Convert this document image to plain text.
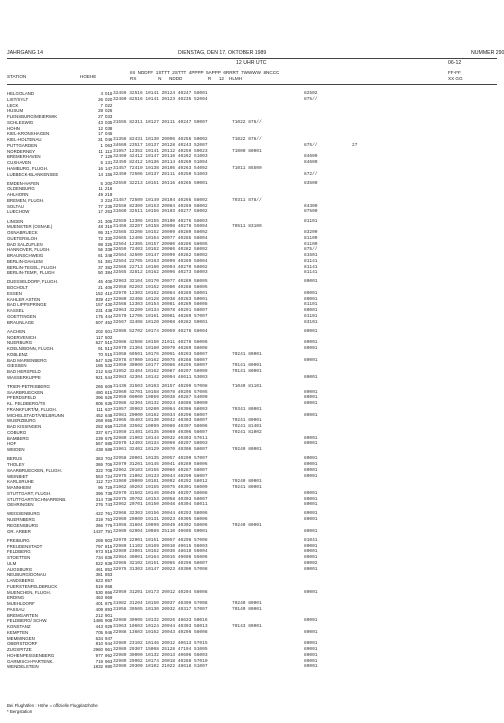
JAHRGANG 14	DIENSTAG, DEN 17. OKTOBER 1989	NUMMER 290
12 UHR UTC	06-12
STATION	HOEHE
IIII  NDDFF  1STTT  2STTT  4PPPP  5APPP  6RRRT  7WWWW  8NCCC
RX                 N      NDDD                    R      12    HLMH
FF-FF
XX GG
HELGOLAND	4 015 32459 32516 10141 20124 40247 58001	82502
LIST/SYLT	26 020 32460 82516 10141 20123 40235 52004	875//
LECK	7 022
HUSUM	28 026
FLENSBURG/MEIERWIK	27 033
SCHLESWIG	43 035 31555 82311 10127 20111 40247 50007	71022 876//
HOHN	12 038
KIEL-KRONSHAGEN	17 045
KIEL-HOLTENAU	31 046 31356 82431 10130 20096 40256 50002	71022 876//
PUTTGARDEN	1 063 34660 23517 10137 20128 40243 52007	875//	27
NORDERNEY	11 113 31957 12352 10141 20112 40259 50023	71000 80001
BREMERHAVEN	7 129 32460 42412 10147 20116 40262 51003	84600
CUXHAVEN	5 131 32459 82412 10136 20114 40260 51004	84600
HAMBURG, FLUGH.	16 147 31457 72410 10138 20105 40263 54002	71011 85500
LUEBECK-BLANKENSEE	14 156 32450 72506 10137 20111 40250 51003	872//
EMDEN-HAFEN	5 200 32559 32213 10151 20116 40265 50001	83500
OLDENBURG	11 216
AHLHORN	49 218
BREMEN, FLUGH.	3 224 31457 72509 10149 20104 40266 58002	70311 878//
SOLTAU	77 235 32558 82309 10153 20084 40269 58002	84300
LUECHOW	17 253 31660 32511 10156 20103 40277 58002	87500
LINGEN	21 305 32559 12305 10155 20100 40276 58003	81101
MUENSTER (OSNAB.)	48 315 31456 32207 10158 20098 40278 55004	70511 83100
OSNABRUECK	95 317 32565 32208 10152 20099 40280 58002	83200
GUETERSLOH	72 330 32665 12406 10164 20077 40285 58004	81100
BAD SALZUFLEN	98 325 32564 12305 10157 20080 40286 58005	81100
HANNOVER, FLUGH.	56 338 32659 72403 10162 20086 40282 58002	875//
BRAUNSCHWEIG	81 348 32564 42509 10147 20099 40282 58002	81501
BERLIN-DAHLEM	51 381 32564 22705 10163 20099 40269 58004	81141
BERLIN-TEGEL, FLUGH	37 382 32566 22713 10160 20094 40270 58002	81141
BERLIN-TEMP., FLUGH	50 384 32565 32812 10162 20096 40273 58003	81141
DUESSELDORF, FLUGH.	45 400 32963 32104 10170 20077 40289 58005	80001
BOCHOLT	21 406 32958 02203 10152 20080 40288 58005
ESSEN	152 410 32970 12303 10162 20084 40289 58001	80001
KAHLER ASTEN	839 427 32980 32408 10128 20038 40283 50001	80001
BAD LIPPSPRINGE	157 430 32568 12303 10154 20081 40289 58008	81101
KASSEL	231 438 32963 32209 10134 20078 40291 58007	80001
GOETTINGEN	175 444 32570 12706 10161 20081 40289 57007	81101
BRAUNLAGE	607 452 32567 32408 10120 20068 40282 50001	83101
AACHEN	202 501 32986 52702 10174 20059 40278 58004	80001
NOERVENICH	117 502
NUERBURG	627 510 32986 42508 10150 21011 40278 58006	80001
KOELN/BONN, FLUGH.	91 513 32970 21304 10160 20079 40289 58008	80001
KOBLENZ	70 515 31958 60501 10176 20091 40293 58007	70241 80001
BAD MARIENBERG	547 526 32978 87900 10162 20075 40288 58007	80001
GIESSEN	186 532 31950 30000 10177 20086 40295 58007	70141 80001
BAD HERSFELD	212 542 31952 32404 10162 20087 40297 58009	70141 80001
WASSERKUPPE	921 544 32983 42304 10142 20094 46611 53003	80001
TRIER-PETRISBERG	265 609 31436 31503 10103 20157 40299 57008	71040 81101
SAARBRUECKEN	480 615 32960 42701 10168 20078 40295 57005	80001
PFERDSFELD	396 626 32959 00000 10069 20038 40287 54000	80001
KL. FELDBERG/TS	805 635 32986 42304 10132 20024 48606 50000	80001
FRANKFURT/M, FLUGH.	111 637 31957 39903 10200 20064 40306 58003	70341 80001
MICHELSTADT/VIELBRUNN	452 648 32981 20000 10162 20034 40296 58007	80001
WUERZBURG	268 655 31965 45403 10130 20042 40303 58007	70241 80001
BAD KISSINGEN	282 658 31256 33502 10099 20086 40307 58006	70241 81401
COBURG	337 671 31959 21401 10135 20069 40306 58007	70241 81002
BAMBERG	239 675 32980 21903 10144 20032 40303 57011	80001
HOF	567 685 32970 12403 10134 20069 40297 58003	80001
WEIDEN	438 688 31961 32402 10129 20070 40306 58007	70240 80001
BERUS	363 704 32958 20901 10135 20057 40290 57007	80001
THOLEY	386 706 32970 31201 10145 20041 40289 58006	80001
SAARBRUECKEN, FLUGH.	322 708 32962 29103 10156 20066 40287 58007	80001
WEINBIET	553 724 32975 21002 10133 20044 40290 58007	80001
KARLSRUHE	112 727 31960 20000 10161 20092 40292 58012	70240 80001
MANNHEIM	96 729 31962 40203 10155 20075 40301 58009	70241 80001
STUTTGART, FLUGH.	396 738 32970 31502 10145 20049 40297 58008	80001
STUTTGART/SCHNARRENB.	314 739 32975 30702 10153 20058 40303 58007	80001
OEHRINGEN	276 743 32962 20701 10150 20048 40304 58011	80001
WEISSENBURG	422 761 32968 32303 10156 20044 40293 58006	80001
NUERNBERG	319 763 32960 20000 10131 20023 40305 58006	80001
REGENSBURG	366 776 31956 31604 10099 20049 40302 58006	70240 80001
GR. ARBER	1437 791 32989 62904 10089 25110 40605 50001	80001
FREIBURG	269 803 32970 22901 10151 20057 40296 57008	81041
FREUDENSTADT	797 815 32989 11102 10169 20010 40615 56003	80001
FELDBERG	973 818 32989 23001 10162 20036 48610 56004	80001
STOETTEN	734 836 32984 40001 10164 20016 40606 55006	80001
ULM	522 838 32966 32102 10151 20065 40296 58007	80002
AUGSBURG	461 852 32975 31303 10147 20023 40300 57008	80001
NEUBURG/DONAU	381 853
LANDSBERG	623 857
FUERSTENFELDBRUCK	519 858
MUENCHEN, FLUGH.	530 866 32959 31201 10173 20012 40294 58008	80001
ERDING	463 869
MUEHLDORF	401 875 31982 31204 10150 20037 40309 57008	70240 80001
PASSAU	409 893 31956 30505 10130 20032 40317 57007	70140 80001
BREMGARTEN	212 901
FELDBERG/ SCHW.	1486 908 32989 30905 10132 20026 48633 50016	80001
KONSTANZ	443 929 31963 10603 10124 20044 40303 58013	70143 80001
KEMPTEN	705 946 32988 13603 10162 20043 40296 58008	80001
MEMMINGEN	634 947
OBERSTDORF	810 944 32989 23102 10146 20012 40613 57015	80001
ZUGSPITZE	2960 961 32989 20307 15008 25128 47194 51005	80001
HOHENPEISSENBERG	977 962 32989 30000 10132 20013 40606 56003	80001
GARMISCH-PARTENK.	719 963 32989 20902 10174 20018 40288 57010	80001
WENDELSTEIN	1832 980 32989 20300 10102 21022 48618 51007	80001
Bei Flughäfen : Höhe = offizielle Flugplatzhöhe
* Bergstation
